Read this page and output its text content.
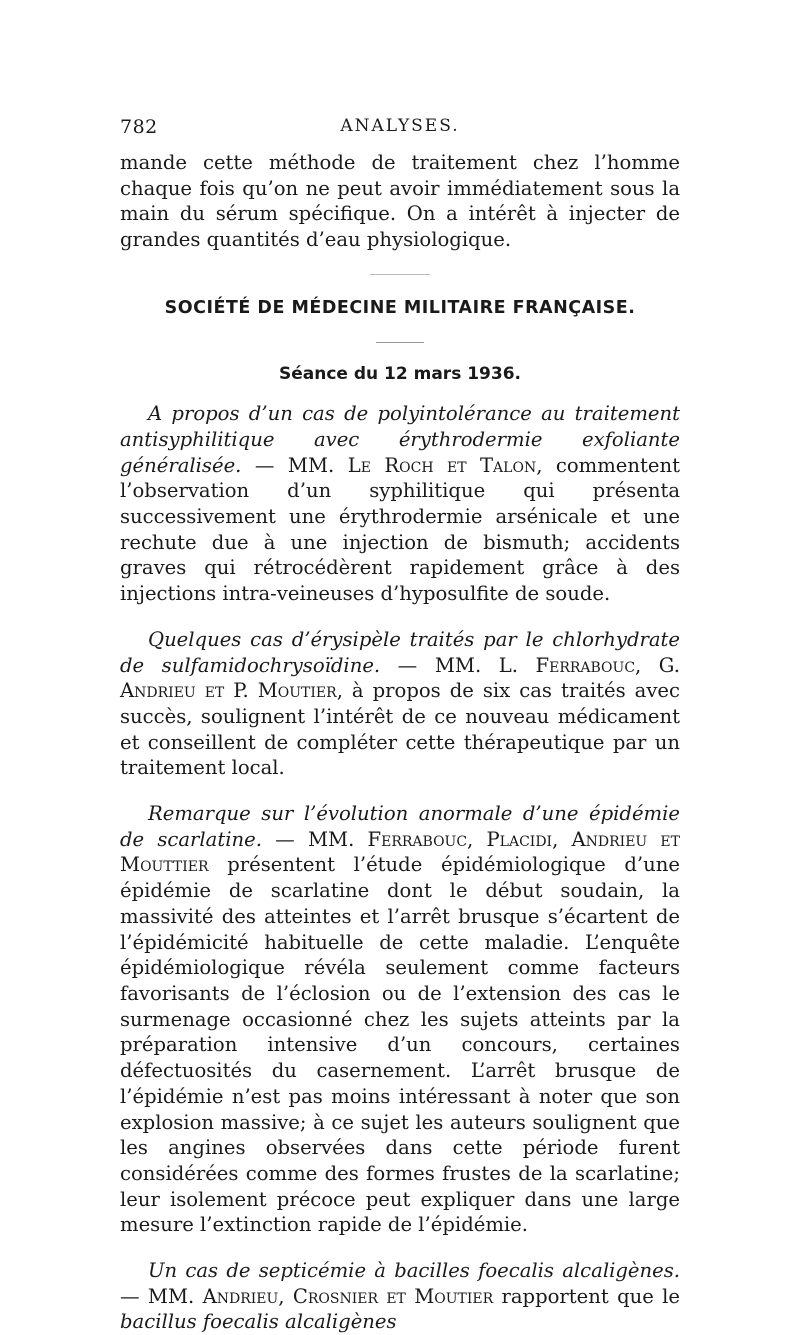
782	ANALYSES.

mande cette méthode de traitement chez l’homme chaque fois qu’on ne peut avoir immédiatement sous la main du sérum spécifique. On a intérêt à injecter de grandes quantités d’eau physiologique.

SOCIÉTÉ DE MÉDECINE MILITAIRE FRANÇAISE.
Séance du 12 mars 1936.

A propos d’un cas de polyintolérance au traitement antisyphilitique avec érythrodermie exfoliante généralisée. — MM. Le Roch et Talon, commentent l’observation d’un syphilitique qui présenta successivement une érythrodermie arsénicale et une rechute due à une injection de bismuth; accidents graves qui rétrocédèrent rapidement grâce à des injections intra-veineuses d’hyposulfite de soude.

Quelques cas d’érysipèle traités par le chlorhydrate de sulfamidochrysoïdine. — MM. L. Ferrabouc, G. Andrieu et P. Moutier, à propos de six cas traités avec succès, soulignent l’intérêt de ce nouveau médicament et conseillent de compléter cette thérapeutique par un traitement local.

Remarque sur l’évolution anormale d’une épidémie de scarlatine. — MM. Ferrabouc, Placidi, Andrieu et Mouttier présentent l’étude épidémiologique d’une épidémie de scarlatine dont le début soudain, la massivité des atteintes et l’arrêt brusque s’écartent de l’épidémicité habituelle de cette maladie. L’enquête épidémiologique révéla seulement comme facteurs favorisants de l’éclosion ou de l’extension des cas le surmenage occasionné chez les sujets atteints par la préparation intensive d’un concours, certaines défectuosités du casernement. L’arrêt brusque de l’épidémie n’est pas moins intéressant à noter que son explosion massive; à ce sujet les auteurs soulignent que les angines observées dans cette période furent considérées comme des formes frustes de la scarlatine; leur isolement précoce peut expliquer dans une large mesure l’extinction rapide de l’épidémie.

Un cas de septicémie à bacilles foecalis alcaligènes. — MM. Andrieu, Crosnier et Moutier rapportent que le bacillus foecalis alcaligènes
